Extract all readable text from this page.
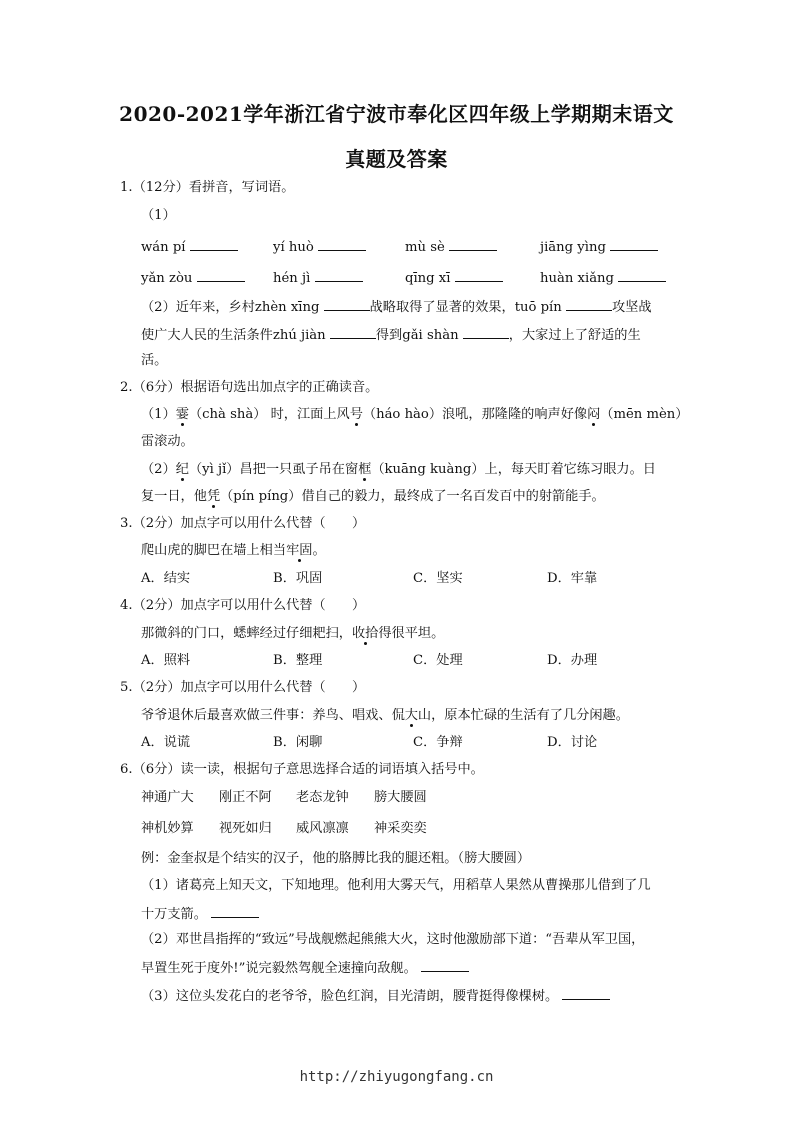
2020-2021学年浙江省宁波市奉化区四年级上学期期末语文
真题及答案
1.（12分）看拼音，写词语。
（1）
wán pí	yí huò	mù sè	jiāng yìng
yǎn zòu	hén jì	qīng xī	huàn xiǎng
（2）近年来，乡村zhèn xīng	战略取得了显著的效果，tuō pín	攻坚战
使广大人民的生活条件zhú jiàn	得到gǎi shàn	，大家过上了舒适的生
活。
2.（6分）根据语句选出加点字的正确读音。
（1）霎（chà shà） 时，江面上风号（háo hào）浪吼，那隆隆的响声好像闷（mēn mèn）
雷滚动。
（2）纪（yì jǐ）昌把一只虱子吊在窗框（kuāng kuàng）上，每天盯着它练习眼力。日
复一日，他凭（pín píng）借自己的毅力，最终成了一名百发百中的射箭能手。
3.（2分）加点字可以用什么代替（　　）
爬山虎的脚巴在墙上相当牢固。
A．结实	B．巩固	C．坚实	D．牢靠
4.（2分）加点字可以用什么代替（　　）
那微斜的门口，蟋蟀经过仔细耙扫，收拾得很平坦。
A．照料	B．整理	C．处理	D．办理
5.（2分）加点字可以用什么代替（　　）
爷爷退休后最喜欢做三件事：养鸟、唱戏、侃大山，原本忙碌的生活有了几分闲趣。
A．说谎	B．闲聊	C．争辩	D．讨论
6.（6分）读一读，根据句子意思选择合适的词语填入括号中。
神通广大 刚正不阿 老态龙钟 膀大腰圆
神机妙算 视死如归 威风凛凛 神采奕奕
例：金奎叔是个结实的汉子，他的胳膊比我的腿还粗。（膀大腰圆）
（1）诸葛亮上知天文，下知地理。他利用大雾天气，用稻草人果然从曹操那儿借到了几
十万支箭。
（2）邓世昌指挥的“致远”号战舰燃起熊熊大火，这时他激励部下道：“吾辈从军卫国，
早置生死于度外!”说完毅然驾舰全速撞向敌舰。
（3）这位头发花白的老爷爷，脸色红润，目光清朗，腰背挺得像棵树。
http://zhiyugongfang.cn
